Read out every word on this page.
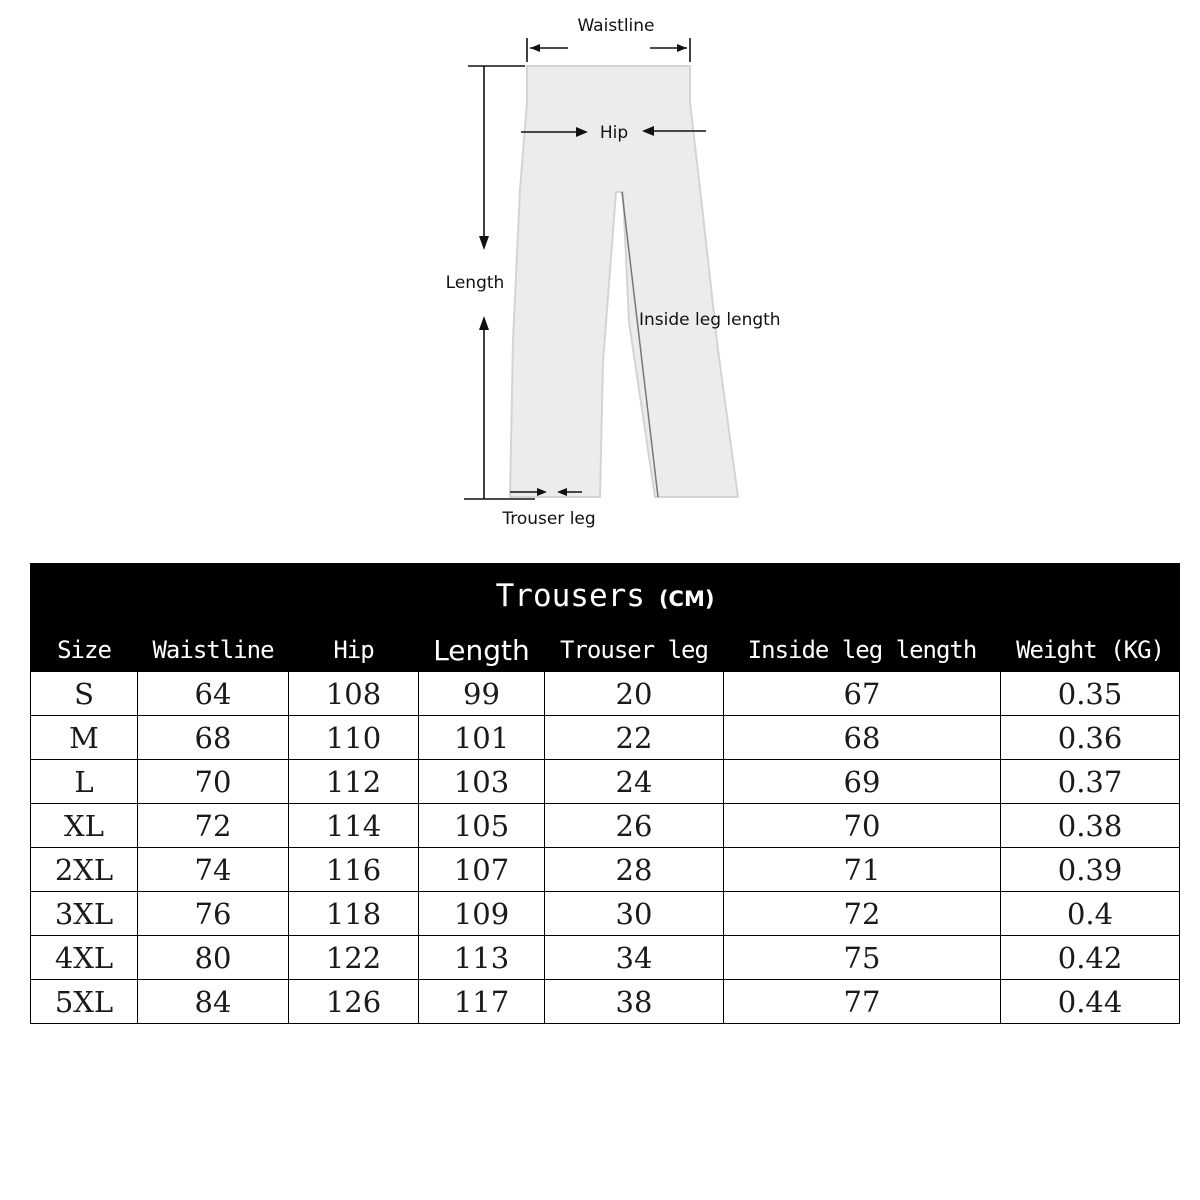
Waistline
Hip
Length
Inside leg length
Trouser leg
Trousers (CM)						
Size	Waistline	Hip	Length	Trouser leg	Inside leg length	Weight (KG)
S	64	108	99	20	67	0.35
M	68	110	101	22	68	0.36
L	70	112	103	24	69	0.37
XL	72	114	105	26	70	0.38
2XL	74	116	107	28	71	0.39
3XL	76	118	109	30	72	0.4
4XL	80	122	113	34	75	0.42
5XL	84	126	117	38	77	0.44
